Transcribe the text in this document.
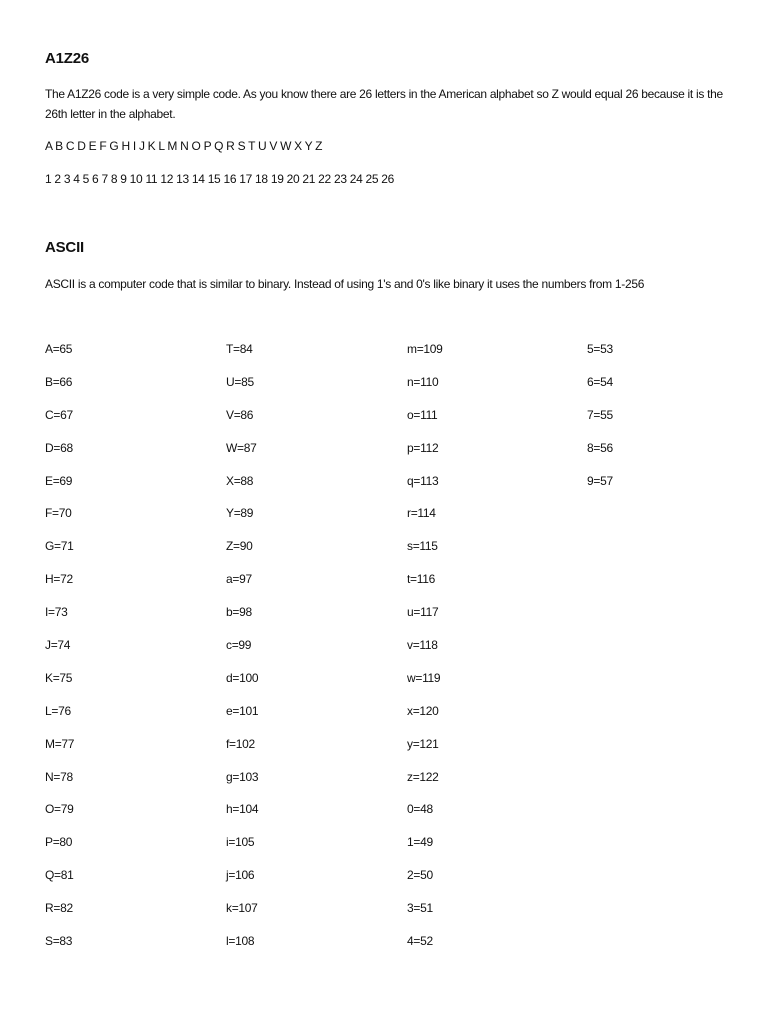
A1Z26
The A1Z26 code is a very simple code. As you know there are 26 letters in the American alphabet so Z would equal 26 because it is the 26th letter in the alphabet.
A B C D E F G H I J K L M N O P Q R S T U V W X Y Z
1 2 3 4 5 6 7 8 9 10 11 12 13 14 15 16 17 18 19 20 21 22 23 24 25 26
ASCII
ASCII is a computer code that is similar to binary. Instead of using 1's and 0's like binary it uses the numbers from 1-256
A=65
B=66
C=67
D=68
E=69
F=70
G=71
H=72
I=73
J=74
K=75
L=76
M=77
N=78
O=79
P=80
Q=81
R=82
S=83
T=84
U=85
V=86
W=87
X=88
Y=89
Z=90
a=97
b=98
c=99
d=100
e=101
f=102
g=103
h=104
i=105
j=106
k=107
l=108
m=109
n=110
o=111
p=112
q=113
r=114
s=115
t=116
u=117
v=118
w=119
x=120
y=121
z=122
0=48
1=49
2=50
3=51
4=52
5=53
6=54
7=55
8=56
9=57
